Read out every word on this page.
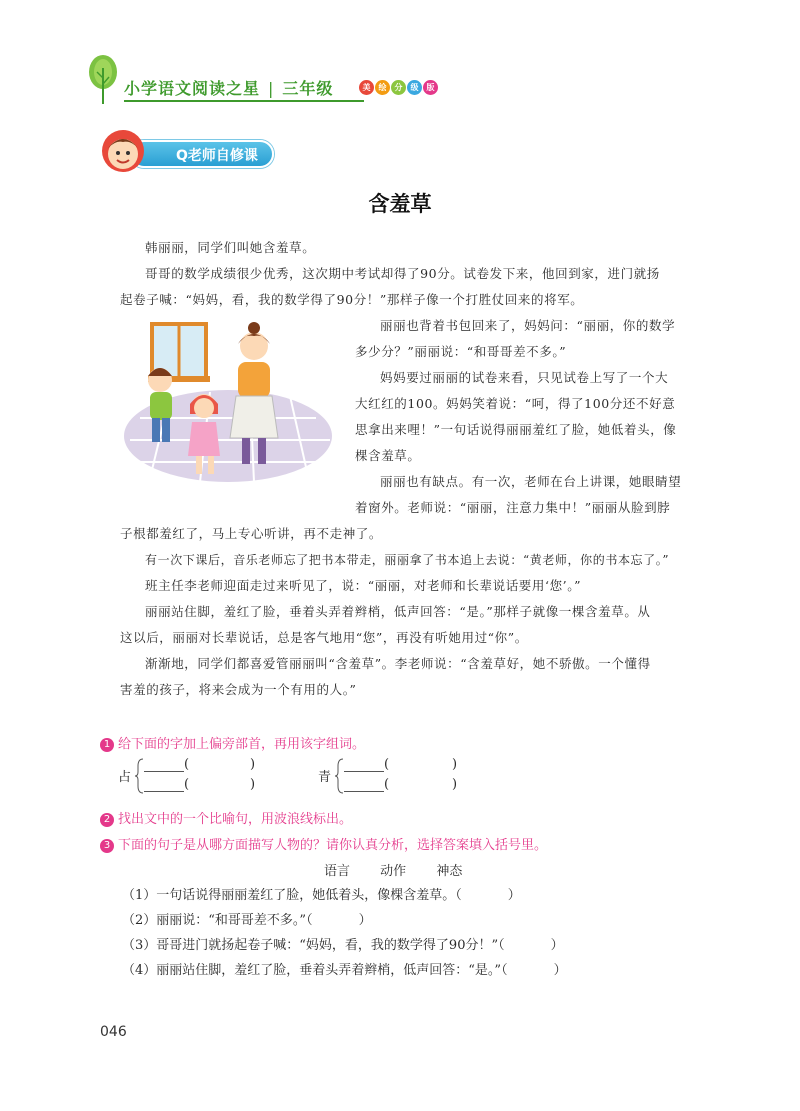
小学语文阅读之星 | 三年级	美	绘	分	级	版
Q老师自修课
含羞草
韩丽丽，同学们叫她含羞草。
哥哥的数学成绩很少优秀，这次期中考试却得了90分。试卷发下来，他回到家，进门就扬
起卷子喊：“妈妈，看，我的数学得了90分！”那样子像一个打胜仗回来的将军。
丽丽也背着书包回来了，妈妈问：“丽丽，你的数学
多少分？”丽丽说：“和哥哥差不多。”
妈妈要过丽丽的试卷来看，只见试卷上写了一个大
大红红的100。妈妈笑着说：“呵，得了100分还不好意
思拿出来哩！”一句话说得丽丽羞红了脸，她低着头，像
棵含羞草。
丽丽也有缺点。有一次，老师在台上讲课，她眼睛望
着窗外。老师说：“丽丽，注意力集中！”丽丽从脸到脖
子根都羞红了，马上专心听讲，再不走神了。
有一次下课后，音乐老师忘了把书本带走，丽丽拿了书本追上去说：“黄老师，你的书本忘了。”
班主任李老师迎面走过来听见了，说：“丽丽，对老师和长辈说话要用‘您’。”
丽丽站住脚，羞红了脸，垂着头弄着辫梢，低声回答：“是。”那样子就像一棵含羞草。从
这以后，丽丽对长辈说话，总是客气地用“您”，再没有听她用过“你”。
渐渐地，同学们都喜爱管丽丽叫“含羞草”。李老师说：“含羞草好，她不骄傲。一个懂得
害羞的孩子，将来会成为一个有用的人。”
1 给下面的字加上偏旁部首，再用该字组词。
占
(	)
(	)	青
(	)
(	)
2 找出文中的一个比喻句，用波浪线标出。
3 下面的句子是从哪方面描写人物的？请你认真分析，选择答案填入括号里。
语言 动作 神态
（1）一句话说得丽丽羞红了脸，她低着头，像棵含羞草。（	）
（2）丽丽说：“和哥哥差不多。”（	）
（3）哥哥进门就扬起卷子喊：“妈妈，看，我的数学得了90分！”（	）
（4）丽丽站住脚，羞红了脸，垂着头弄着辫梢，低声回答：“是。”（	）
046
